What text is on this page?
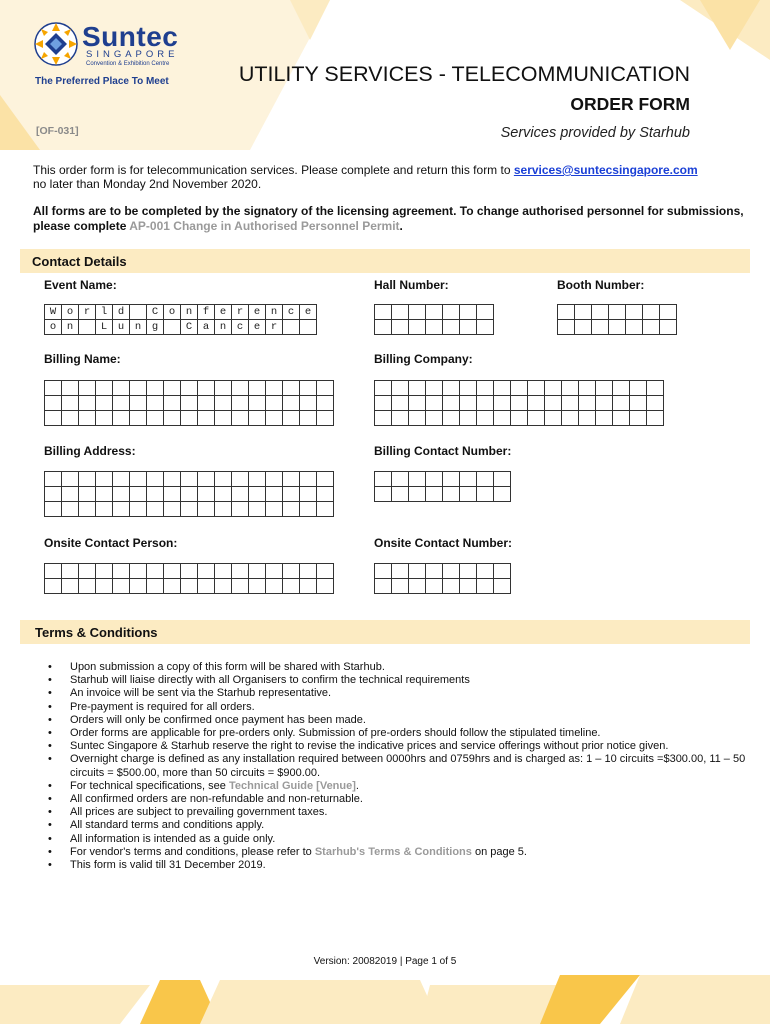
Suntec
SINGAPORE
Convention & Exhibition Centre
The Preferred Place To Meet
[OF-031]
UTILITY SERVICES - TELECOMMUNICATION
ORDER FORM
Services provided by Starhub
This order form is for telecommunication services. Please complete and return this form to services@suntecsingapore.com
no later than Monday 2nd November 2020.
All forms are to be completed by the signatory of the licensing agreement. To change authorised personnel for submissions, please complete AP-001 Change in Authorised Personnel Permit.
Contact Details
Event Name:	Hall Number:	Booth Number:
W	o	r	l	d		C	o	n	f	e	r	e	n	c	e
o	n		L	u	n	g		C	a	n	c	e	r		

Billing Name:	Billing Company:

Billing Address:	Billing Contact Number:

Onsite Contact Person:	Onsite Contact Number:

Terms & Conditions
• Upon submission a copy of this form will be shared with Starhub.
• Starhub will liaise directly with all Organisers to confirm the technical requirements
• An invoice will be sent via the Starhub representative.
• Pre-payment is required for all orders.
• Orders will only be confirmed once payment has been made.
• Order forms are applicable for pre-orders only. Submission of pre-orders should follow the stipulated timeline.
• Suntec Singapore & Starhub reserve the right to revise the indicative prices and service offerings without prior notice given.
• Overnight charge is defined as any installation required between 0000hrs and 0759hrs and is charged as: 1 – 10 circuits =$300.00, 11 – 50 circuits = $500.00, more than 50 circuits = $900.00.
• For technical specifications, see Technical Guide [Venue].
• All confirmed orders are non-refundable and non-returnable.
• All prices are subject to prevailing government taxes.
• All standard terms and conditions apply.
• All information is intended as a guide only.
• For vendor's terms and conditions, please refer to Starhub's Terms & Conditions on page 5.
• This form is valid till 31 December 2019.
Version: 20082019 | Page 1 of 5
